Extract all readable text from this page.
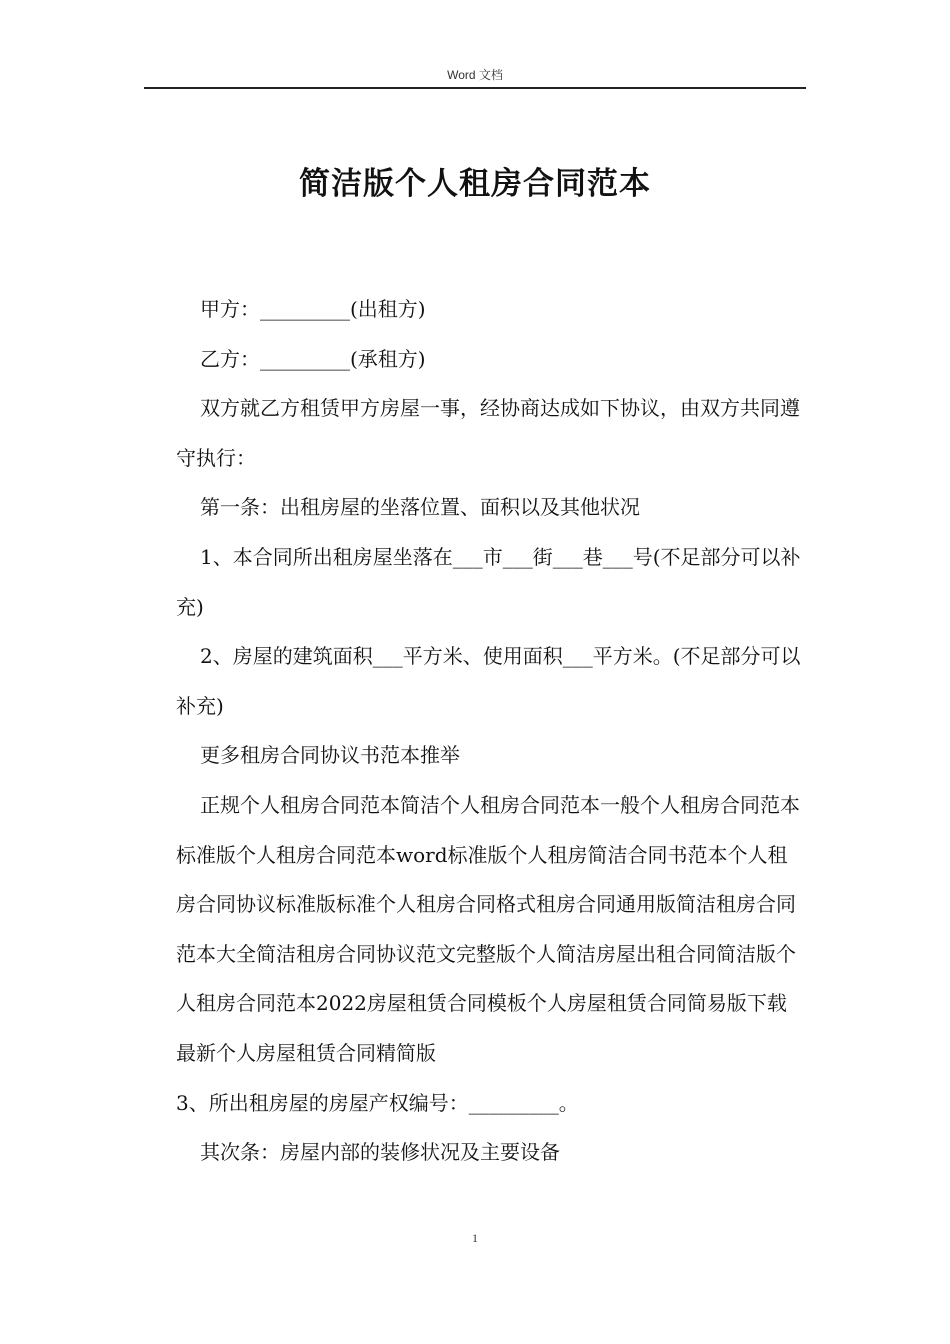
Word 文档
简洁版个人租房合同范本

甲方：_________(出租方)

乙方：_________(承租方)

双方就乙方租赁甲方房屋一事，经协商达成如下协议，由双方共同遵守执行：

第一条：出租房屋的坐落位置、面积以及其他状况

1、本合同所出租房屋坐落在___市___街___巷___号(不足部分可以补充)

2、房屋的建筑面积___平方米、使用面积___平方米。(不足部分可以补充)

更多租房合同协议书范本推举

正规个人租房合同范本简洁个人租房合同范本一般个人租房合同范本标准版个人租房合同范本word标准版个人租房简洁合同书范本个人租房合同协议标准版标准个人租房合同格式租房合同通用版简洁租房合同范本大全简洁租房合同协议范文完整版个人简洁房屋出租合同简洁版个人租房合同范本2022房屋租赁合同模板个人房屋租赁合同简易版下载最新个人房屋租赁合同精简版

3、所出租房屋的房屋产权编号：_________。

其次条：房屋内部的装修状况及主要设备

1
